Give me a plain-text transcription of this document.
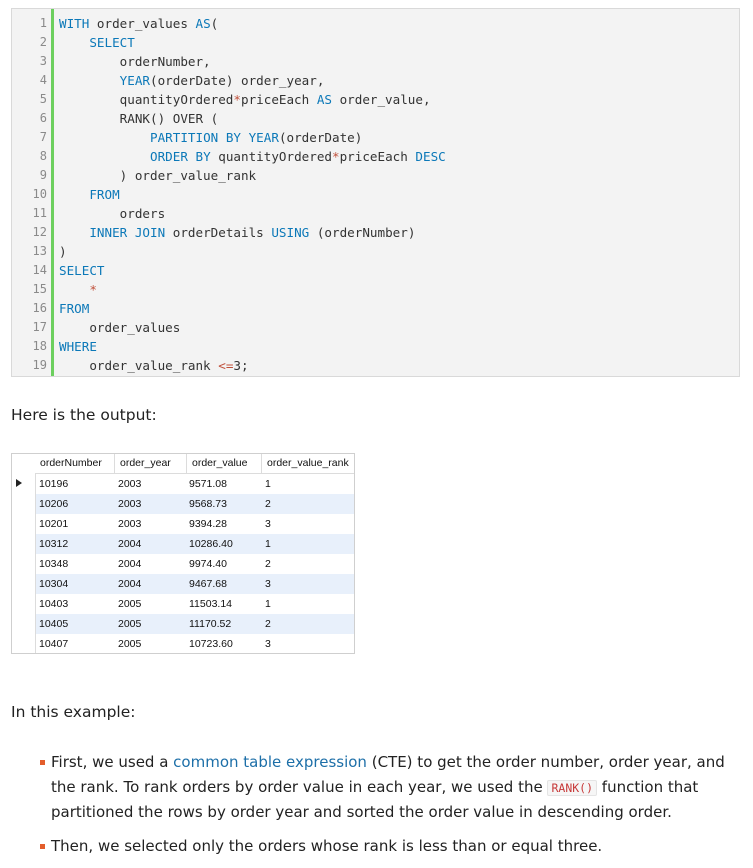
1
2
3
4
5
6
7
8
9
10
11
12
13
14
15
16
17
18
19
WITH order_values AS(
SELECT
orderNumber,
YEAR(orderDate) order_year,
quantityOrdered*priceEach AS order_value,
RANK() OVER (
PARTITION BY YEAR(orderDate)
ORDER BY quantityOrdered*priceEach DESC
) order_value_rank
FROM
orders
INNER JOIN orderDetails USING (orderNumber)
)
SELECT
*
FROM
order_values
WHERE
order_value_rank <=3;
Here is the output:
orderNumber order_year order_value order_value_rank
10196	2003	9571.08	1
10206	2003	9568.73	2
10201	2003	9394.28	3
10312	2004	10286.40	1
10348	2004	9974.40	2
10304	2004	9467.68	3
10403	2005	11503.14	1
10405	2005	11170.52	2
10407	2005	10723.60	3
In this example:
First, we used a common table expression (CTE) to get the order number, order year, and the rank. To rank orders by order value in each year, we used the RANK() function that partitioned the rows by order year and sorted the order value in descending order.
Then, we selected only the orders whose rank is less than or equal three.
